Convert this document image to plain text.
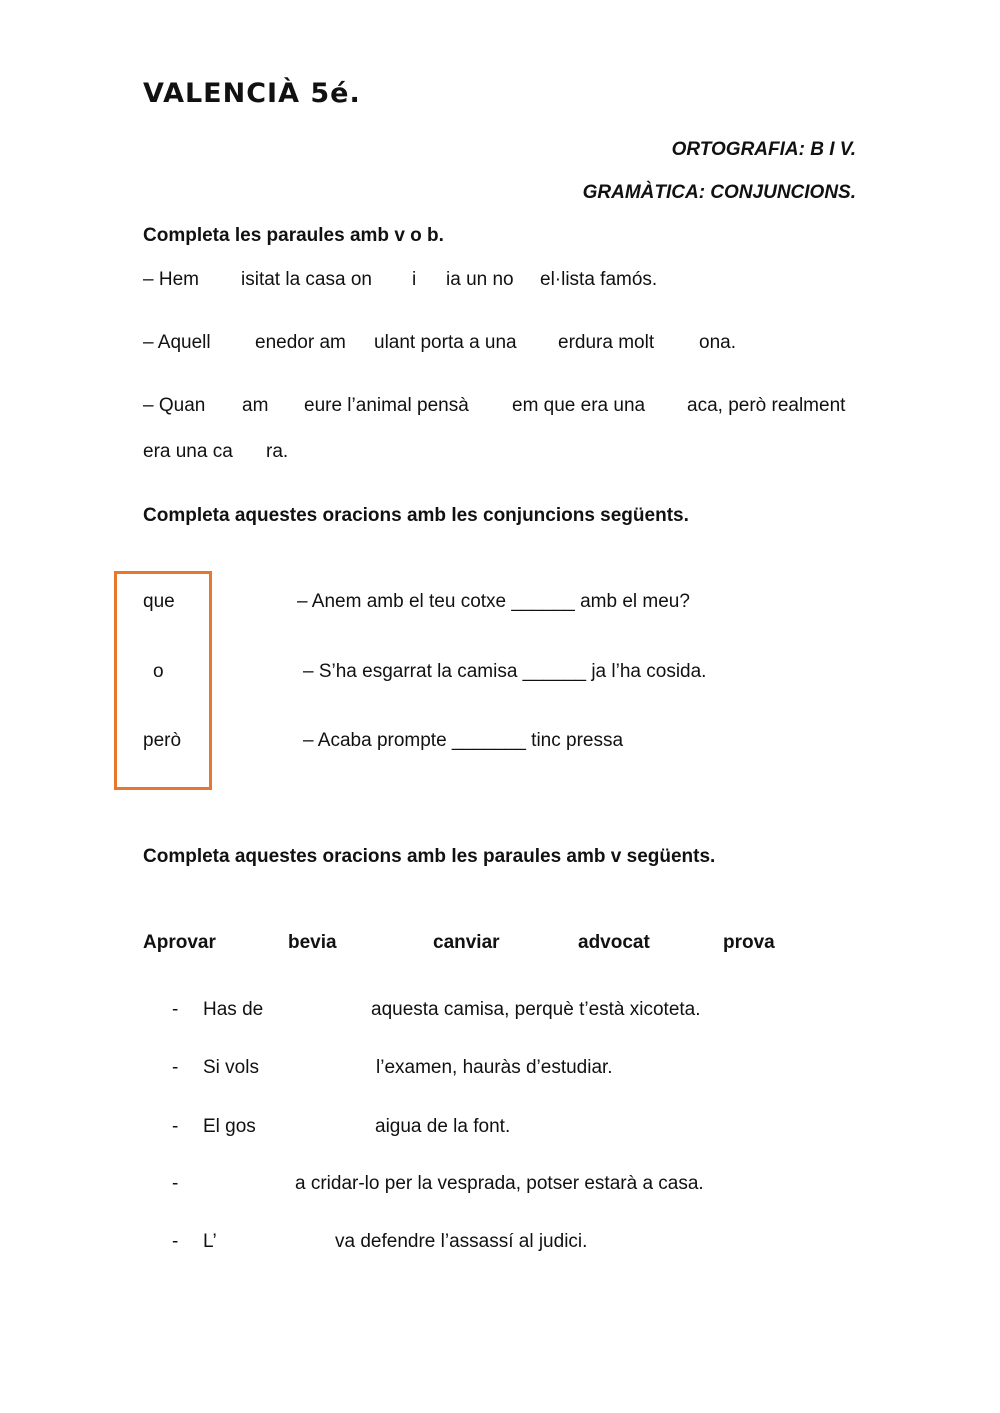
VALENCIÀ 5é.
ORTOGRAFIA: B I V.
GRAMÀTICA: CONJUNCIONS.
Completa les paraules amb v o b.
– Hem isitat la casa on i ia un no el·lista famós.
– Aquell enedor am ulant porta a una erdura molt ona.
– Quan am eure l’animal pensà em que era una aca, però realment
era una ca ra.
Completa aquestes oracions amb les conjuncions següents.
que
o
però
– Anem amb el teu cotxe ______ amb el meu?
– S’ha esgarrat la camisa ______ ja l’ha cosida.
– Acaba prompte _______ tinc pressa
Completa aquestes oracions amb les paraules amb v següents.
Aprovar	bevia	canviar	advocat	prova
- Has de	aquesta camisa, perquè t’està xicoteta.
- Si vols	l’examen, hauràs d’estudiar.
- El gos	aigua de la font.
-	a cridar-lo per la vesprada, potser estarà a casa.
- L’	va defendre l’assassí al judici.
